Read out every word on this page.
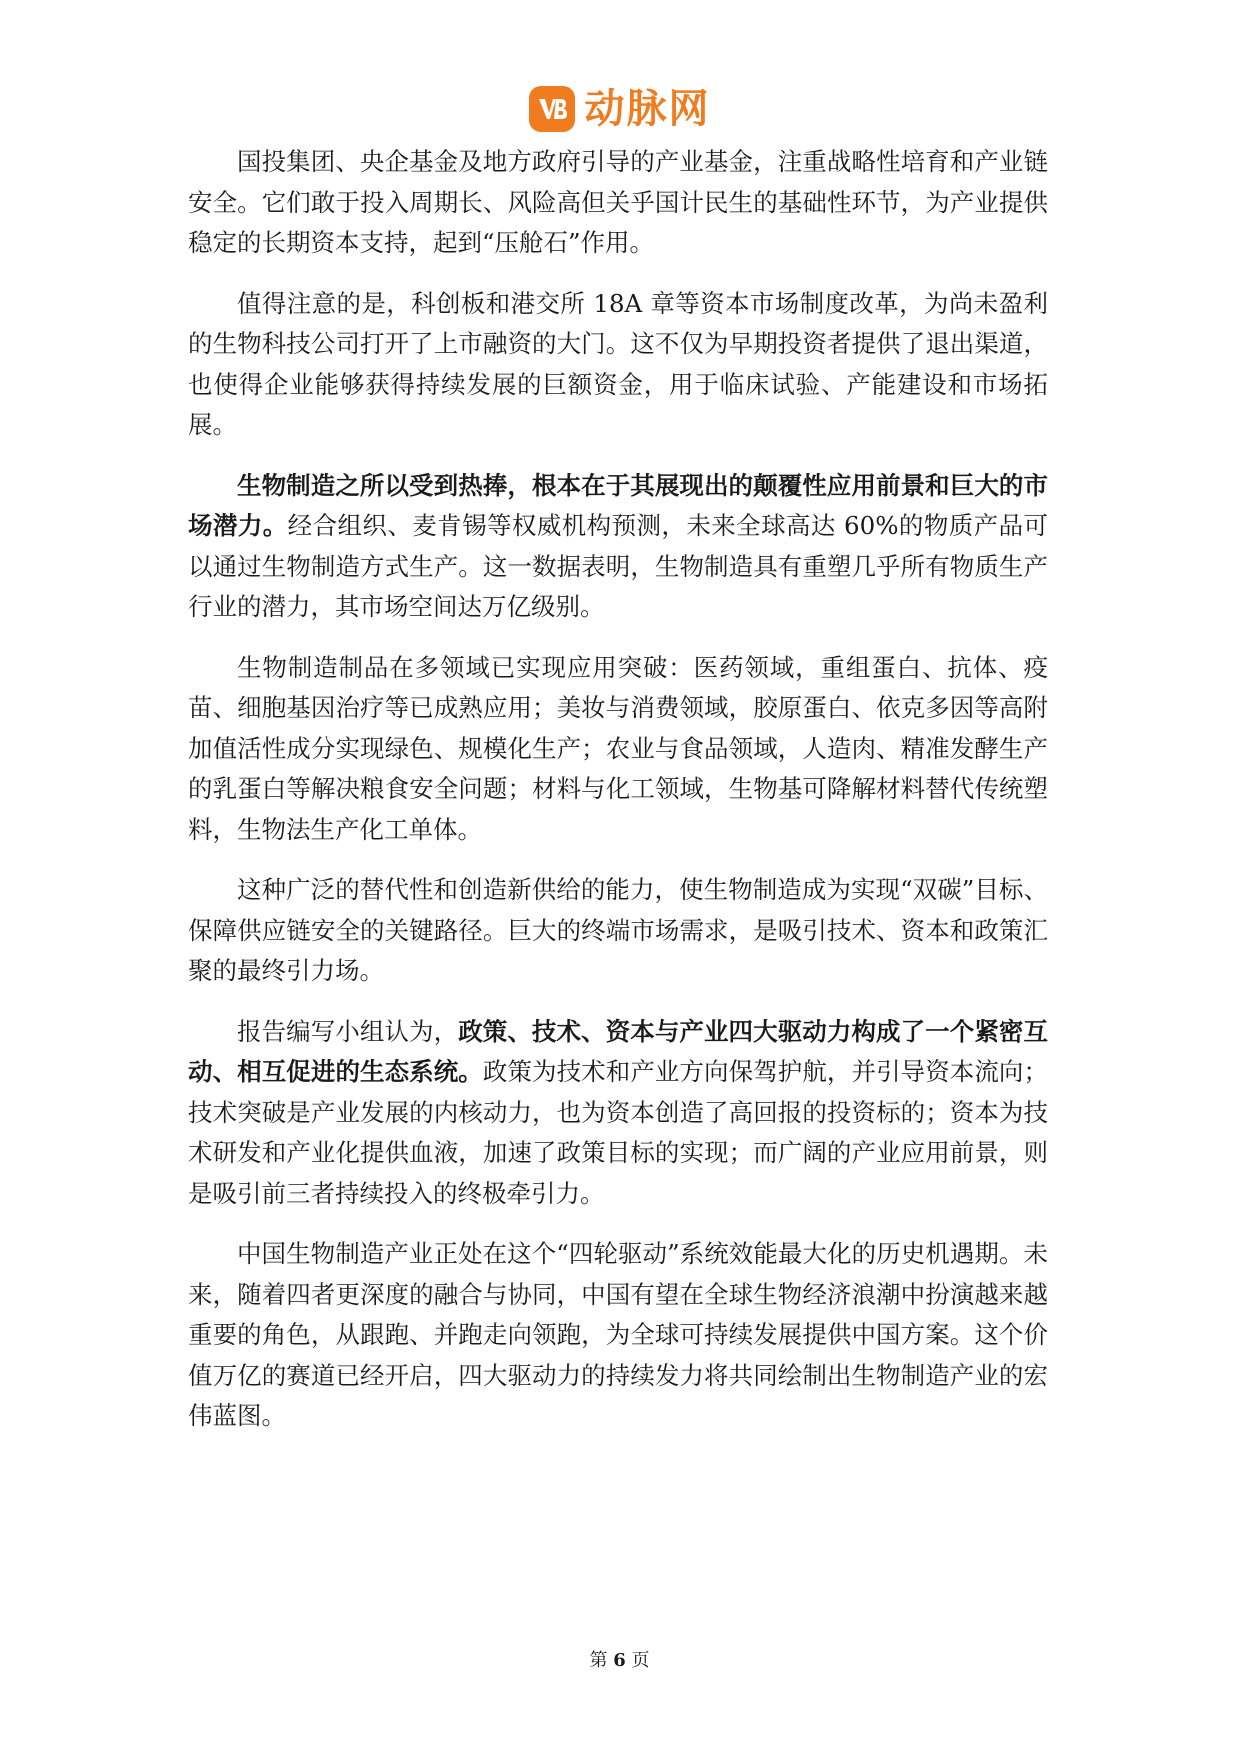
动脉网

国投集团、央企基金及地方政府引导的产业基金，注重战略性培育和产业链安全。它们敢于投入周期长、风险高但关乎国计民生的基础性环节，为产业提供稳定的长期资本支持，起到“压舱石”作用。

值得注意的是，科创板和港交所 18A 章等资本市场制度改革，为尚未盈利的生物科技公司打开了上市融资的大门。这不仅为早期投资者提供了退出渠道，也使得企业能够获得持续发展的巨额资金，用于临床试验、产能建设和市场拓展。

生物制造之所以受到热捧，根本在于其展现出的颠覆性应用前景和巨大的市场潜力。经合组织、麦肯锡等权威机构预测，未来全球高达 60%的物质产品可以通过生物制造方式生产。这一数据表明，生物制造具有重塑几乎所有物质生产行业的潜力，其市场空间达万亿级别。

生物制造制品在多领域已实现应用突破：医药领域，重组蛋白、抗体、疫苗、细胞基因治疗等已成熟应用；美妆与消费领域，胶原蛋白、依克多因等高附加值活性成分实现绿色、规模化生产；农业与食品领域，人造肉、精准发酵生产的乳蛋白等解决粮食安全问题；材料与化工领域，生物基可降解材料替代传统塑料，生物法生产化工单体。

这种广泛的替代性和创造新供给的能力，使生物制造成为实现“双碳”目标、保障供应链安全的关键路径。巨大的终端市场需求，是吸引技术、资本和政策汇聚的最终引力场。

报告编写小组认为，政策、技术、资本与产业四大驱动力构成了一个紧密互动、相互促进的生态系统。政策为技术和产业方向保驾护航，并引导资本流向；技术突破是产业发展的内核动力，也为资本创造了高回报的投资标的；资本为技术研发和产业化提供血液，加速了政策目标的实现；而广阔的产业应用前景，则是吸引前三者持续投入的终极牵引力。

中国生物制造产业正处在这个“四轮驱动”系统效能最大化的历史机遇期。未来，随着四者更深度的融合与协同，中国有望在全球生物经济浪潮中扮演越来越重要的角色，从跟跑、并跑走向领跑，为全球可持续发展提供中国方案。这个价值万亿的赛道已经开启，四大驱动力的持续发力将共同绘制出生物制造产业的宏伟蓝图。

第 6 页
